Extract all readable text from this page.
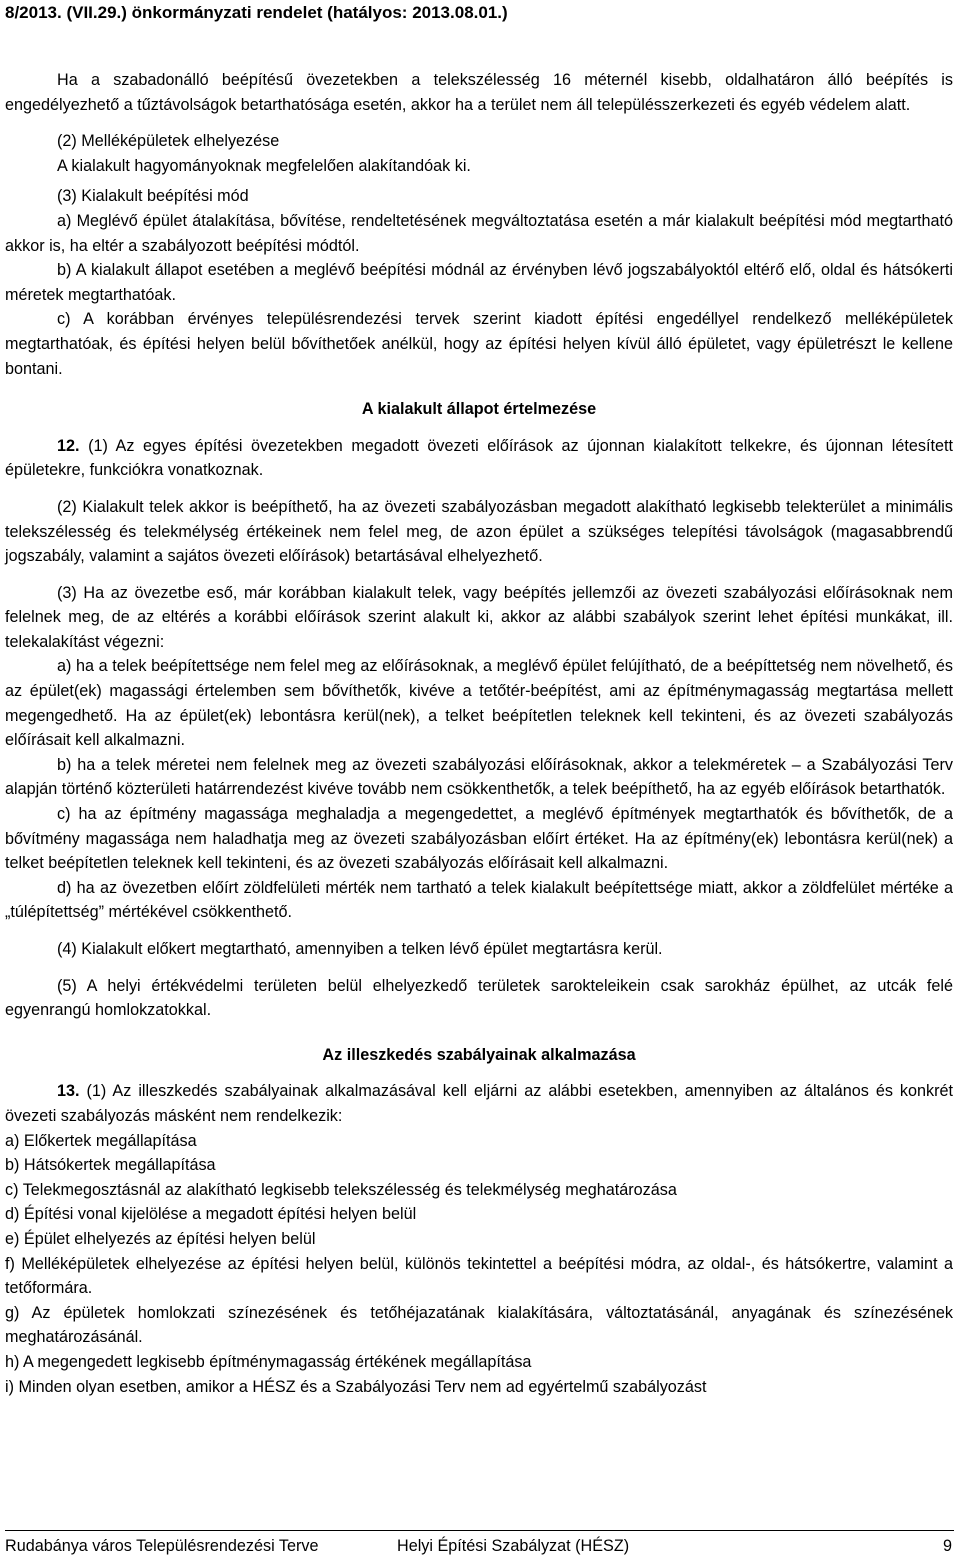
8/2013. (VII.29.) önkormányzati rendelet (hatályos: 2013.08.01.)

Ha a szabadonálló beépítésű övezetekben a telekszélesség 16 méternél kisebb, oldalhatáron álló beépítés is engedélyezhető a tűztávolságok betarthatósága esetén, akkor ha a terület nem áll településszerkezeti és egyéb védelem alatt.

(2) Melléképületek elhelyezése

A kialakult hagyományoknak megfelelően alakítandóak ki.

(3) Kialakult beépítési mód

a) Meglévő épület átalakítása, bővítése, rendeltetésének megváltoztatása esetén a már kialakult beépítési mód megtartható akkor is, ha eltér a szabályozott beépítési módtól.

b) A kialakult állapot esetében a meglévő beépítési módnál az érvényben lévő jogszabályoktól eltérő elő, oldal és hátsókerti méretek megtarthatóak.

c) A korábban érvényes településrendezési tervek szerint kiadott építési engedéllyel rendelkező melléképületek megtarthatóak, és építési helyen belül bővíthetőek anélkül, hogy az építési helyen kívül álló épületet, vagy épületrészt le kellene bontani.

A kialakult állapot értelmezése

12. (1) Az egyes építési övezetekben megadott övezeti előírások az újonnan kialakított telkekre, és újonnan létesített épületekre, funkciókra vonatkoznak.

(2) Kialakult telek akkor is beépíthető, ha az övezeti szabályozásban megadott alakítható legkisebb telekterület a minimális telekszélesség és telekmélység értékeinek nem felel meg, de azon épület a szükséges telepítési távolságok (magasabbrendű jogszabály, valamint a sajátos övezeti előírások) betartásával elhelyezhető.

(3) Ha az övezetbe eső, már korábban kialakult telek, vagy beépítés jellemzői az övezeti szabályozási előírásoknak nem felelnek meg, de az eltérés a korábbi előírások szerint alakult ki, akkor az alábbi szabályok szerint lehet építési munkákat, ill. telekalakítást végezni:

a) ha a telek beépítettsége nem felel meg az előírásoknak, a meglévő épület felújítható, de a beépíttetség nem növelhető, és az épület(ek) magassági értelemben sem bővíthetők, kivéve a tetőtér-beépítést, ami az építménymagasság megtartása mellett megengedhető. Ha az épület(ek) lebontásra kerül(nek), a telket beépítetlen teleknek kell tekinteni, és az övezeti szabályozás előírásait kell alkalmazni.

b) ha a telek méretei nem felelnek meg az övezeti szabályozási előírásoknak, akkor a telekméretek – a Szabályozási Terv alapján történő közterületi határrendezést kivéve tovább nem csökkenthetők, a telek beépíthető, ha az egyéb előírások betarthatók.

c) ha az építmény magassága meghaladja a megengedettet, a meglévő építmények megtarthatók és bővíthetők, de a bővítmény magassága nem haladhatja meg az övezeti szabályozásban előírt értéket. Ha az építmény(ek) lebontásra kerül(nek) a telket beépítetlen teleknek kell tekinteni, és az övezeti szabályozás előírásait kell alkalmazni.

d) ha az övezetben előírt zöldfelületi mérték nem tartható a telek kialakult beépítettsége miatt, akkor a zöldfelület mértéke a „túlépítettség” mértékével csökkenthető.

(4) Kialakult előkert megtartható, amennyiben a telken lévő épület megtartásra kerül.

(5) A helyi értékvédelmi területen belül elhelyezkedő területek sarokteleikein csak sarokház épülhet, az utcák felé egyenrangú homlokzatokkal.

Az illeszkedés szabályainak alkalmazása

13. (1) Az illeszkedés szabályainak alkalmazásával kell eljárni az alábbi esetekben, amennyiben az általános és konkrét övezeti szabályozás másként nem rendelkezik:

a) Előkertek megállapítása

b) Hátsókertek megállapítása

c) Telekmegosztásnál az alakítható legkisebb telekszélesség és telekmélység meghatározása

d) Építési vonal kijelölése a megadott építési helyen belül

e) Épület elhelyezés az építési helyen belül

f) Melléképületek elhelyezése az építési helyen belül, különös tekintettel a beépítési módra, az oldal-, és hátsókertre, valamint a tetőformára.

g) Az épületek homlokzati színezésének és tetőhéjazatának kialakítására, változtatásánál, anyagának és színezésének meghatározásánál.

h) A megengedett legkisebb építménymagasság értékének megállapítása

i) Minden olyan esetben, amikor a HÉSZ és a Szabályozási Terv nem ad egyértelmű szabályozást

Rudabánya város Településrendezési Terve	Helyi Építési Szabályzat (HÉSZ)	9
